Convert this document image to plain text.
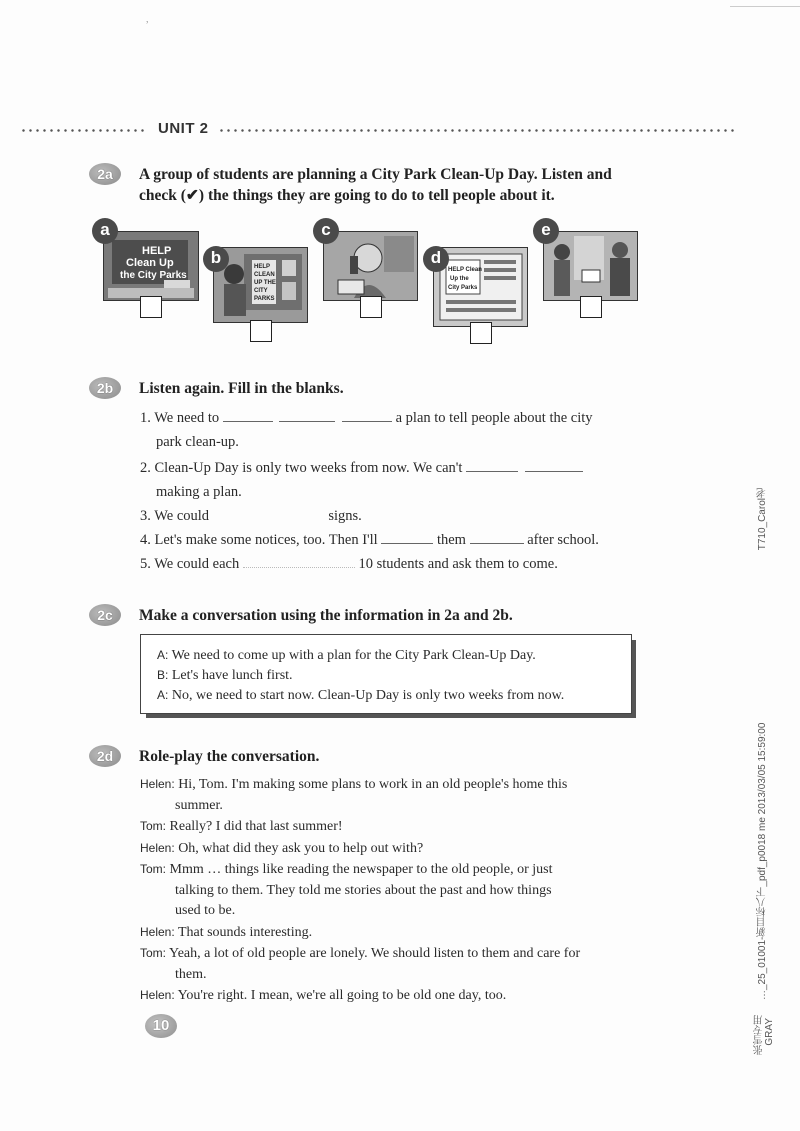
,
UNIT 2
2a	A group of students are planning a City Park Clean-Up Day. Listen and
check (✔) the things they are going to do to tell people about it.
HELP
Clean Up
the City Parks
a
HELP
CLEAN
UP THE
CITY
PARKS
b
c
HELP Clean
Up the
City Parks
d
e
2b	Listen again. Fill in the blanks.
1. We need to	a plan to tell people about the city
park clean-up.
2. Clean-Up Day is only two weeks from now. We can't
making a plan.
3. We could	signs.
4. Let's make some notices, too. Then I'll	them	after school.
5. We could each	10 students and ask them to come.
2c	Make a conversation using the information in 2a and 2b.
A: We need to come up with a plan for the City Park Clean-Up Day.
B: Let's have lunch first.
A: No, we need to start now. Clean-Up Day is only two weeks from now.
2d	Role-play the conversation.
Helen: Hi, Tom. I'm making some plans to work in an old people's home this
summer.
Tom: Really? I did that last summer!
Helen: Oh, what did they ask you to help out with?
Tom: Mmm … things like reading the newspaper to the old people, or just
talking to them. They told me stories about the past and how things
used to be.
Helen: That sounds interesting.
Tom: Yeah, a lot of old people are lonely. We should listen to them and care for
them.
Helen: You're right. I mean, we're all going to be old one day, too.
10
T710_Carol老
…_25_01001-新目标八下_pdf_p0018 me 2013/03/05 15:59:00
张雪专用 GRAY
